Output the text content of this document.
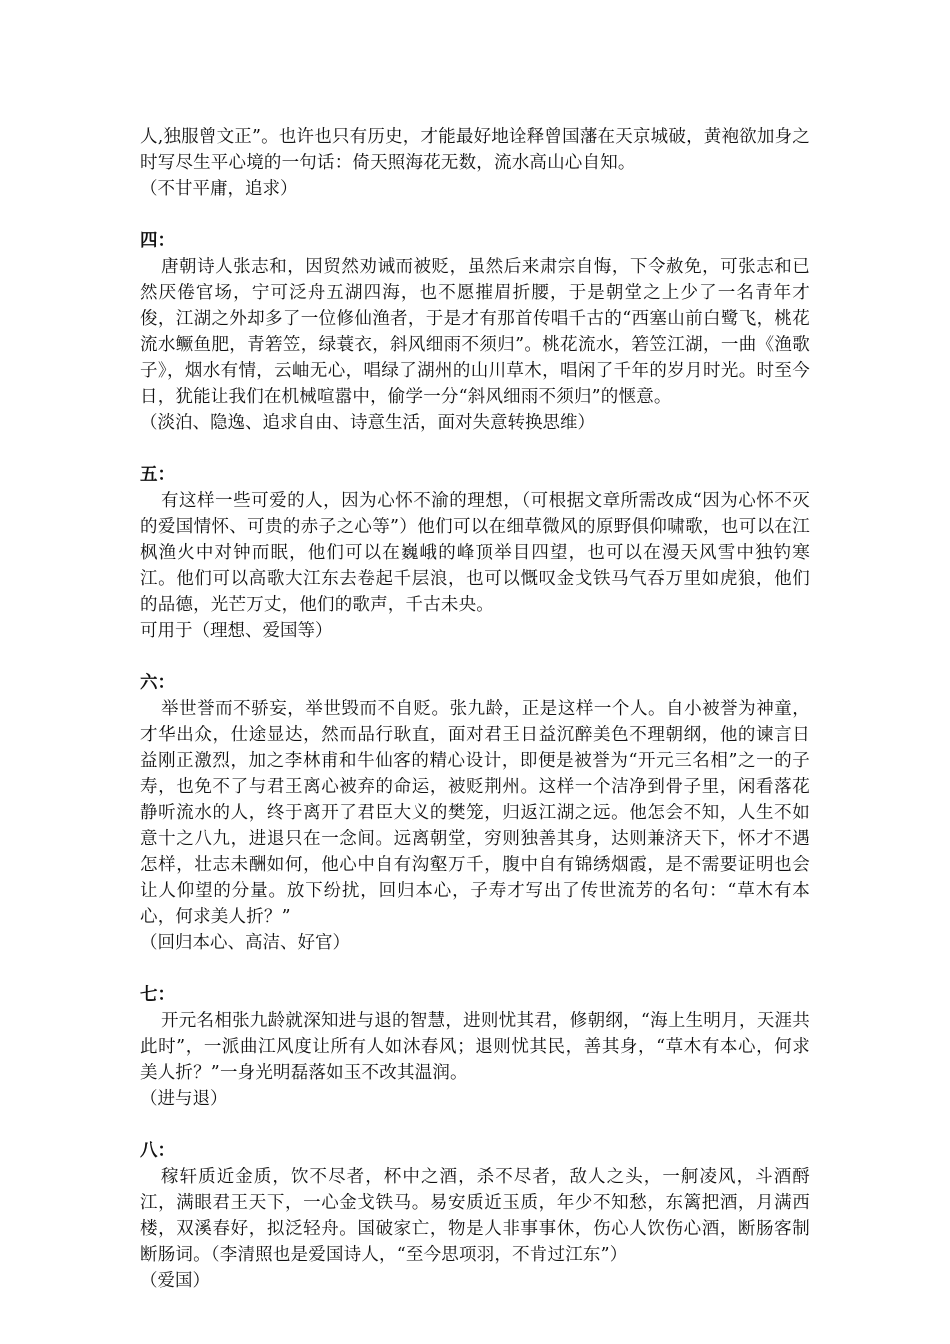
人,独服曾文正”。也许也只有历史，才能最好地诠释曾国藩在天京城破，黄袍欲加身之时写尽生平心境的一句话：倚天照海花无数，流水高山心自知。

（不甘平庸，追求）

四：

唐朝诗人张志和，因贸然劝诫而被贬，虽然后来肃宗自悔，下令赦免，可张志和已然厌倦官场，宁可泛舟五湖四海，也不愿摧眉折腰，于是朝堂之上少了一名青年才俊，江湖之外却多了一位修仙渔者，于是才有那首传唱千古的“西塞山前白鹭飞，桃花流水鳜鱼肥，青箬笠，绿蓑衣，斜风细雨不须归”。桃花流水，箬笠江湖，一曲《渔歌子》，烟水有情，云岫无心，唱绿了湖州的山川草木，唱闲了千年的岁月时光。时至今日，犹能让我们在机械喧嚣中，偷学一分“斜风细雨不须归”的惬意。

（淡泊、隐逸、追求自由、诗意生活，面对失意转换思维）

五：

有这样一些可爱的人，因为心怀不渝的理想，（可根据文章所需改成“因为心怀不灭的爱国情怀、可贵的赤子之心等”）他们可以在细草微风的原野俱仰啸歌，也可以在江枫渔火中对钟而眠，他们可以在巍峨的峰顶举目四望，也可以在漫天风雪中独钓寒江。他们可以高歌大江东去卷起千层浪，也可以慨叹金戈铁马气吞万里如虎狼，他们的品德，光芒万丈，他们的歌声，千古未央。

可用于（理想、爱国等）

六：

举世誉而不骄妄，举世毁而不自贬。张九龄，正是这样一个人。自小被誉为神童，才华出众，仕途显达，然而品行耿直，面对君王日益沉醉美色不理朝纲，他的谏言日益刚正激烈，加之李林甫和牛仙客的精心设计，即便是被誉为“开元三名相”之一的子寿，也免不了与君王离心被弃的命运，被贬荆州。这样一个洁净到骨子里，闲看落花静听流水的人，终于离开了君臣大义的樊笼，归返江湖之远。他怎会不知，人生不如意十之八九，进退只在一念间。远离朝堂，穷则独善其身，达则兼济天下，怀才不遇怎样，壮志未酬如何，他心中自有沟壑万千，腹中自有锦绣烟霞，是不需要证明也会让人仰望的分量。放下纷扰，回归本心，子寿才写出了传世流芳的名句：“草木有本心，何求美人折？”

（回归本心、高洁、好官）

七：

开元名相张九龄就深知进与退的智慧，进则忧其君，修朝纲，“海上生明月，天涯共此时”，一派曲江风度让所有人如沐春风；退则忧其民，善其身，“草木有本心，何求美人折？”一身光明磊落如玉不改其温润。

（进与退）

八：

稼轩质近金质，饮不尽者，杯中之酒，杀不尽者，敌人之头，一舸凌风，斗酒酹江，满眼君王天下，一心金戈铁马。易安质近玉质，年少不知愁，东篱把酒，月满西楼，双溪春好，拟泛轻舟。国破家亡，物是人非事事休，伤心人饮伤心酒，断肠客制断肠词。（李清照也是爱国诗人，“至今思项羽，不肯过江东”）

（爱国）
